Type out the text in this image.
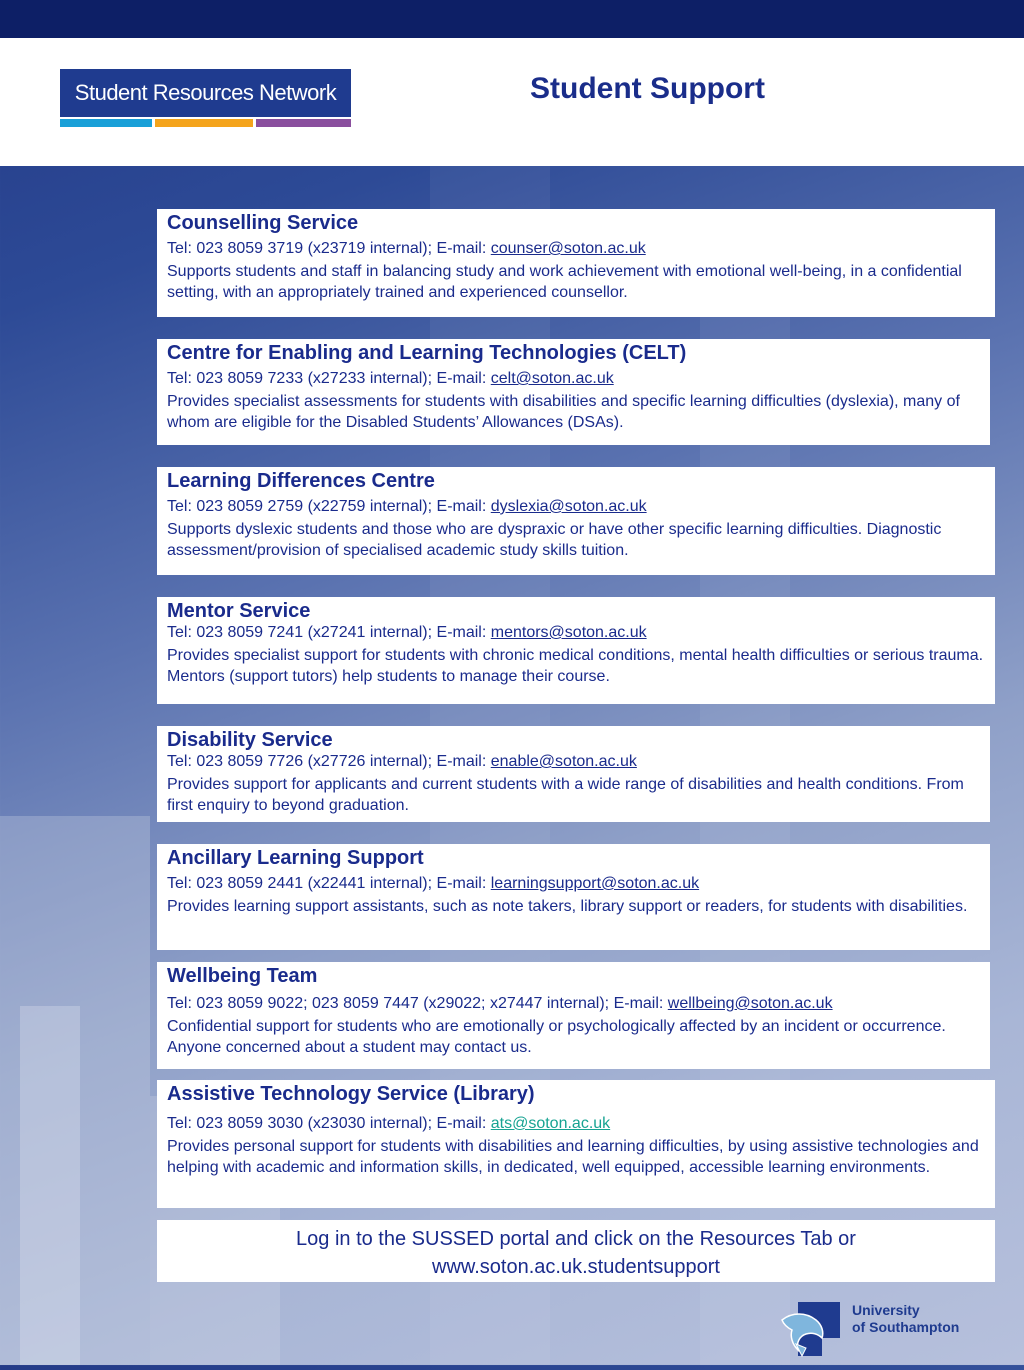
Student Resources Network	Student Support
Counselling Service

Tel: 023 8059 3719 (x23719 internal); E-mail: counser@soton.ac.uk

Supports students and staff in balancing study and work achievement with emotional well-being, in a confidential setting, with an appropriately trained and experienced counsellor.

Centre for Enabling and Learning Technologies (CELT)

Tel: 023 8059 7233 (x27233 internal); E-mail: celt@soton.ac.uk

Provides specialist assessments for students with disabilities and specific learning difficulties (dyslexia), many of whom are eligible for the Disabled Students’ Allowances (DSAs).

Learning Differences Centre

Tel: 023 8059 2759 (x22759 internal); E-mail: dyslexia@soton.ac.uk

Supports dyslexic students and those who are dyspraxic or have other specific learning difficulties. Diagnostic assessment/provision of specialised academic study skills tuition.

Mentor Service

Tel: 023 8059 7241 (x27241 internal); E-mail: mentors@soton.ac.uk

Provides specialist support for students with chronic medical conditions, mental health difficulties or serious trauma. Mentors (support tutors) help students to manage their course.

Disability Service

Tel: 023 8059 7726 (x27726 internal); E-mail: enable@soton.ac.uk

Provides support for applicants and current students with a wide range of disabilities and health conditions. From first enquiry to beyond graduation.

Ancillary Learning Support

Tel: 023 8059 2441 (x22441 internal); E-mail: learningsupport@soton.ac.uk

Provides learning support assistants, such as note takers, library support or readers, for students with disabilities.

Wellbeing Team

Tel: 023 8059 9022; 023 8059 7447 (x29022; x27447 internal); E-mail: wellbeing@soton.ac.uk

Confidential support for students who are emotionally or psychologically affected by an incident or occurrence. Anyone concerned about a student may contact us.

Assistive Technology Service (Library)

Tel: 023 8059 3030 (x23030 internal); E-mail: ats@soton.ac.uk

Provides personal support for students with disabilities and learning difficulties, by using assistive technologies and helping with academic and information skills, in dedicated, well equipped, accessible learning environments.

Log in to the SUSSED portal and click on the Resources Tab or
www.soton.ac.uk.studentsupport
University
of Southampton
